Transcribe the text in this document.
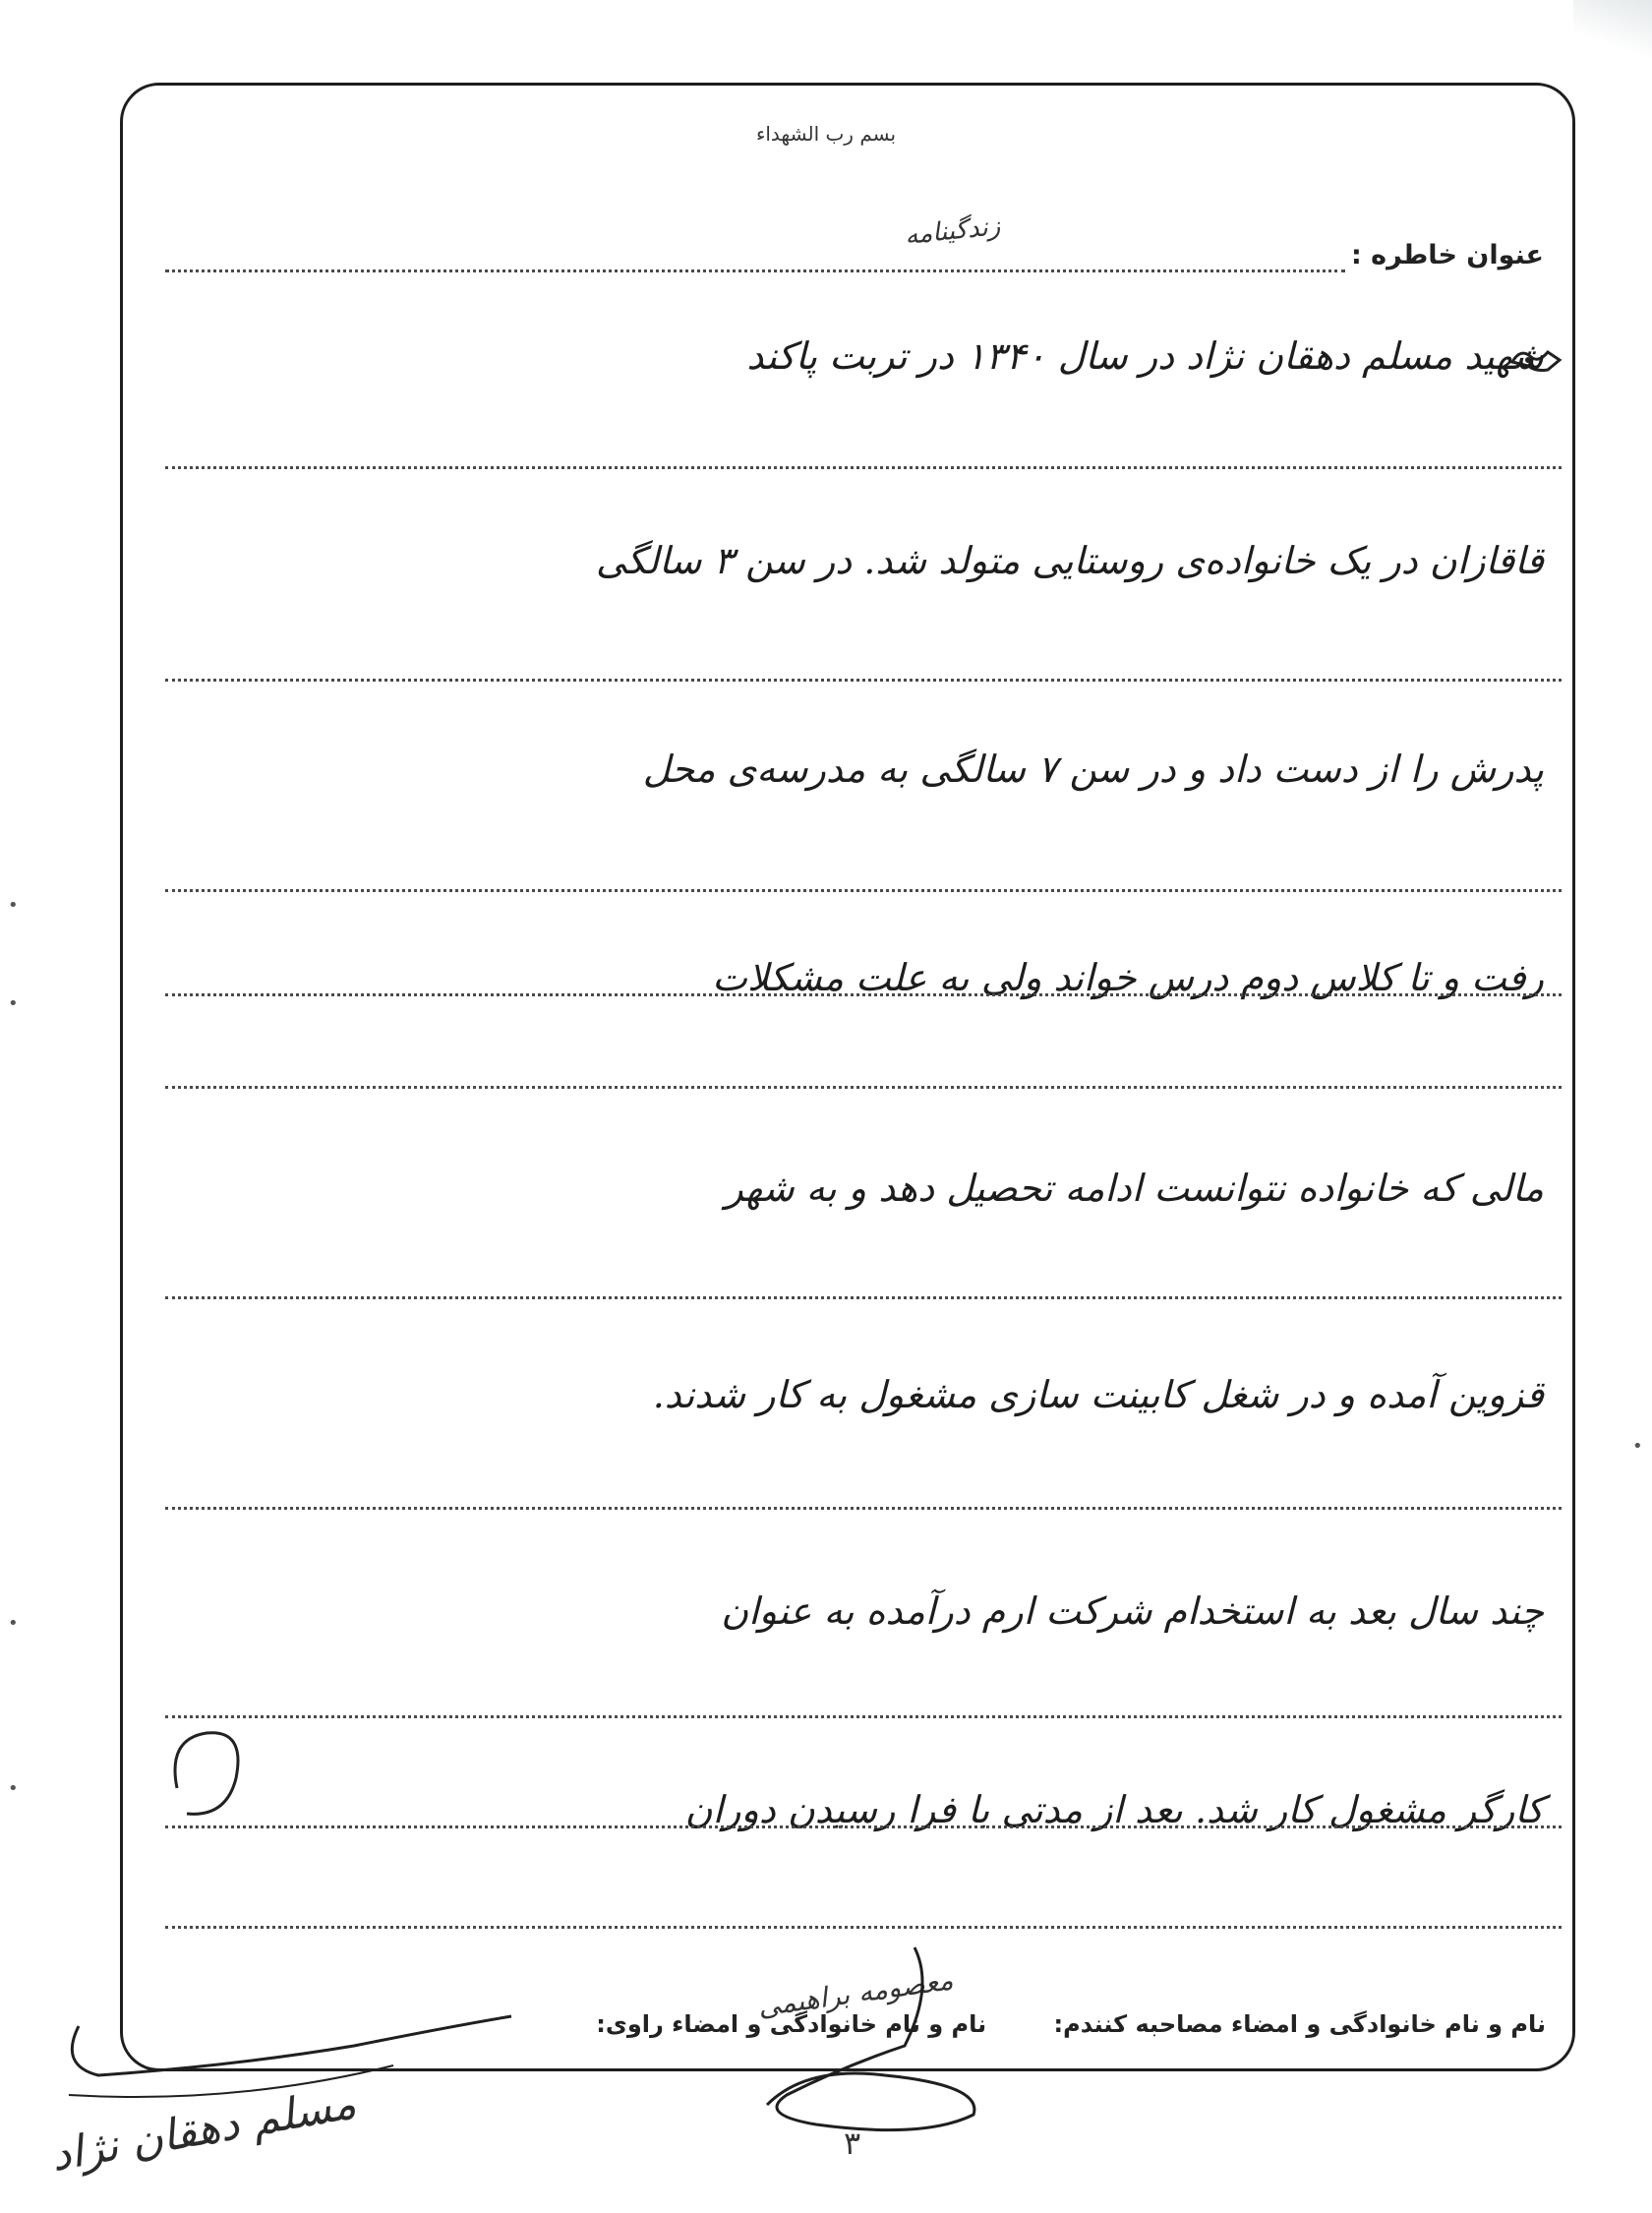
بسم رب الشهداء
عنوان خاطره :
زندگینامه
شهید مسلم دهقان نژاد در سال ۱۳۴۰ در تربت پاکند
قاقازان در یک خانواده‌ی روستایی متولد شد. در سن ۳ سالگی
پدرش را از دست داد و در سن ۷ سالگی به مدرسه‌ی محل
رفت و تا کلاس دوم درس خواند ولی به علت مشکلات
مالی که خانواده نتوانست ادامه تحصیل دهد و به شهر
قزوین آمده و در شغل کابینت سازی مشغول به کار شدند.
چند سال بعد به استخدام شرکت ارم درآمده به عنوان
کارگر مشغول کار شد. بعد از مدتی با فرا رسیدن دوران
نام و نام خانوادگی و امضاء مصاحبه کنندم: نام و نام خانوادگی و امضاء راوی:
معصومه براهیمی
مسلم دهقان نژاد	۳
•
•
•
•
•
